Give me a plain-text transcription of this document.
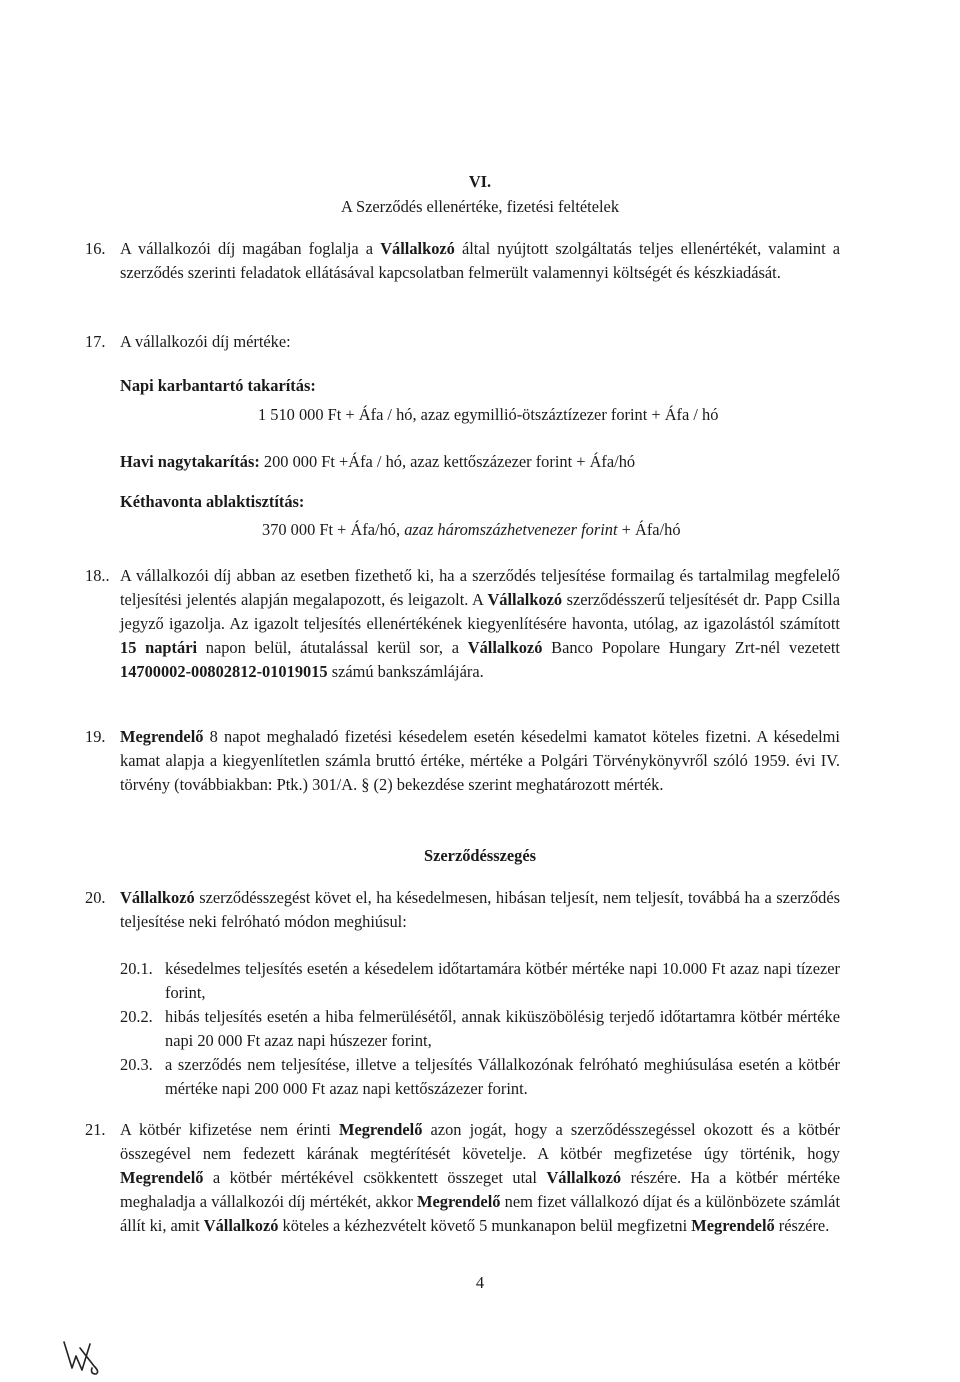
VI.
A Szerződés ellenértéke, fizetési feltételek
16. A vállalkozói díj magában foglalja a Vállalkozó által nyújtott szolgáltatás teljes ellenértékét, valamint a szerződés szerinti feladatok ellátásával kapcsolatban felmerült valamennyi költségét és készkiadását.
17. A vállalkozói díj mértéke:
Napi karbantartó takarítás:
1 510 000 Ft + Áfa / hó, azaz egymillió-ötszáztízezer forint + Áfa / hó
Havi nagytakarítás: 200 000 Ft +Áfa / hó, azaz kettőszázezer forint + Áfa/hó
Kéthavonta ablaktisztítás:
370 000 Ft + Áfa/hó, azaz háromszázhetvenezer forint + Áfa/hó
18.. A vállalkozói díj abban az esetben fizethető ki, ha a szerződés teljesítése formailag és tartalmilag megfelelő teljesítési jelentés alapján megalapozott, és leigazolt. A Vállalkozó szerződésszerű teljesítését dr. Papp Csilla jegyző igazolja. Az igazolt teljesítés ellenértékének kiegyenlítésére havonta, utólag, az igazolástól számított 15 naptári napon belül, átutalással kerül sor, a Vállalkozó Banco Popolare Hungary Zrt-nél vezetett 14700002-00802812-01019015 számú bankszámlájára.
19. Megrendelő 8 napot meghaladó fizetési késedelem esetén késedelmi kamatot köteles fizetni. A késedelmi kamat alapja a kiegyenlítetlen számla bruttó értéke, mértéke a Polgári Törvénykönyvről szóló 1959. évi IV. törvény (továbbiakban: Ptk.) 301/A. § (2) bekezdése szerint meghatározott mérték.
Szerződésszegés
20. Vállalkozó szerződésszegést követ el, ha késedelmesen, hibásan teljesít, nem teljesít, továbbá ha a szerződés teljesítése neki felróható módon meghiúsul:
20.1. késedelmes teljesítés esetén a késedelem időtartamára kötbér mértéke napi 10.000 Ft azaz napi tízezer forint,
20.2. hibás teljesítés esetén a hiba felmerülésétől, annak kiküszöbölésig terjedő időtartamra kötbér mértéke napi 20 000 Ft azaz napi húszezer forint,
20.3. a szerződés nem teljesítése, illetve a teljesítés Vállalkozónak felróható meghiúsulása esetén a kötbér mértéke napi 200 000 Ft azaz napi kettőszázezer forint.
21. A kötbér kifizetése nem érinti Megrendelő azon jogát, hogy a szerződésszegéssel okozott és a kötbér összegével nem fedezett kárának megtérítését követelje. A kötbér megfizetése úgy történik, hogy Megrendelő a kötbér mértékével csökkentett összeget utal Vállalkozó részére. Ha a kötbér mértéke meghaladja a vállalkozói díj mértékét, akkor Megrendelő nem fizet vállalkozó díjat és a különbözete számlát állít ki, amit Vállalkozó köteles a kézhezvételt követő 5 munkanapon belül megfizetni Megrendelő részére.
4
